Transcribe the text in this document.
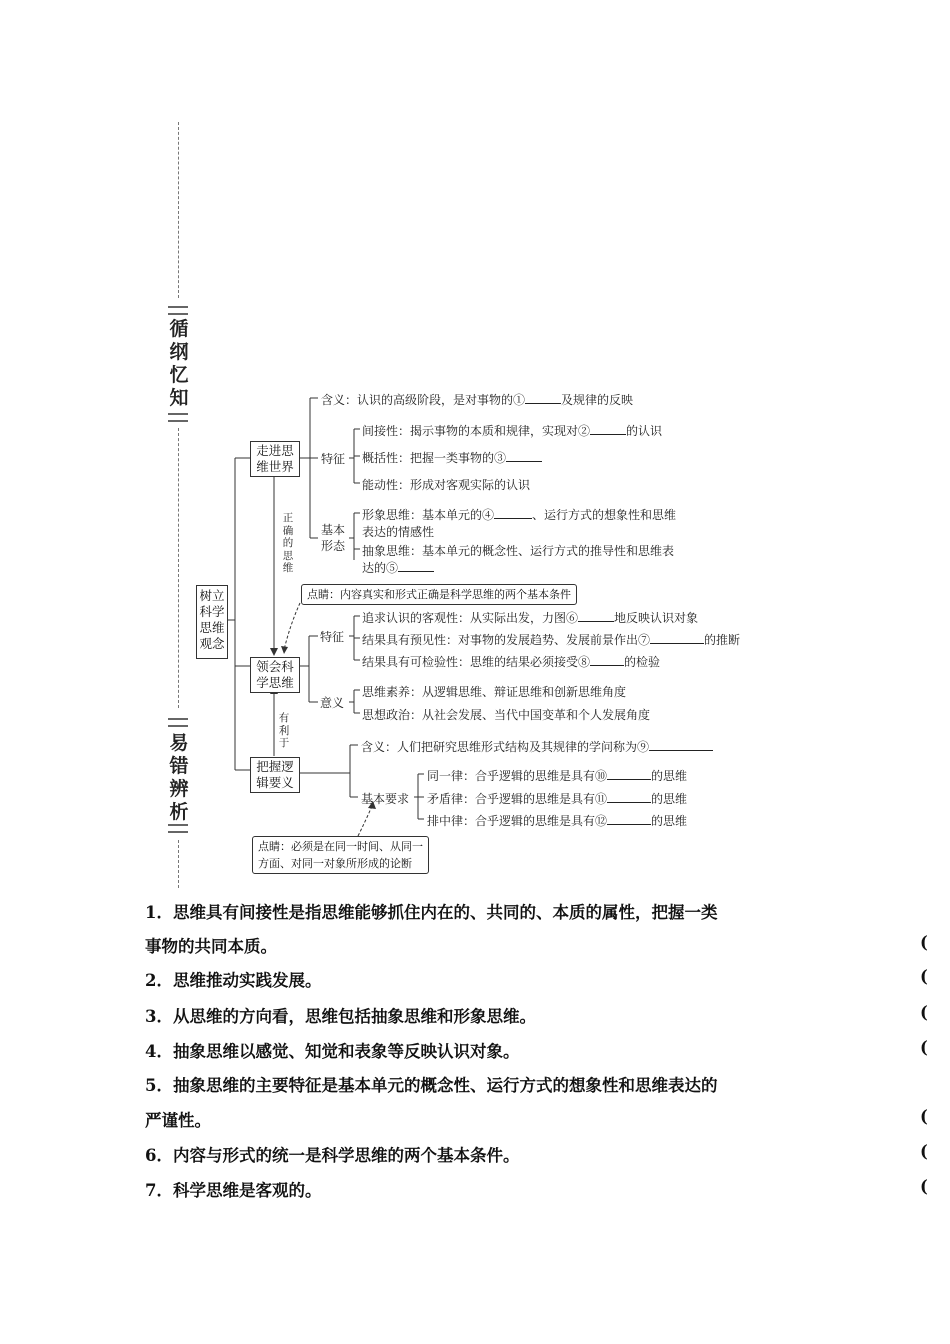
循纲忆知
易错辨析
树立科学思维观念
走进思维世界
领会科学思维
把握逻辑要义
正确的思维
有利于
含义：认识的高级阶段，是对事物的①	及规律的反映
特征
间接性：揭示事物的本质和规律，实现对②	的认识
概括性：把握一类事物的③
能动性：形成对客观实际的认识
基本形态
形象思维：基本单元的④	、运行方式的想象性和思维
表达的情感性
抽象思维：基本单元的概念性、运行方式的推导性和思维表
达的⑤
点睛：内容真实和形式正确是科学思维的两个基本条件
特征
追求认识的客观性：从实际出发，力图⑥	地反映认识对象
结果具有预见性：对事物的发展趋势、发展前景作出⑦	的推断
结果具有可检验性：思维的结果必须接受⑧	的检验
意义
思维素养：从逻辑思维、辩证思维和创新思维角度
思想政治：从社会发展、当代中国变革和个人发展角度
含义：人们把研究思维形式结构及其规律的学问称为⑨
基本要求
同一律：合乎逻辑的思维是具有⑩	的思维
矛盾律：合乎逻辑的思维是具有⑪	的思维
排中律：合乎逻辑的思维是具有⑫	的思维
点睛：必须是在同一时间、从同一
方面、对同一对象所形成的论断
1．思维具有间接性是指思维能够抓住内在的、共同的、本质的属性，把握一类
事物的共同本质。	(
2．思维推动实践发展。	(
3．从思维的方向看，思维包括抽象思维和形象思维。	(
4．抽象思维以感觉、知觉和表象等反映认识对象。	(
5．抽象思维的主要特征是基本单元的概念性、运行方式的想象性和思维表达的
严谨性。	(
6．内容与形式的统一是科学思维的两个基本条件。	(
7．科学思维是客观的。	(
